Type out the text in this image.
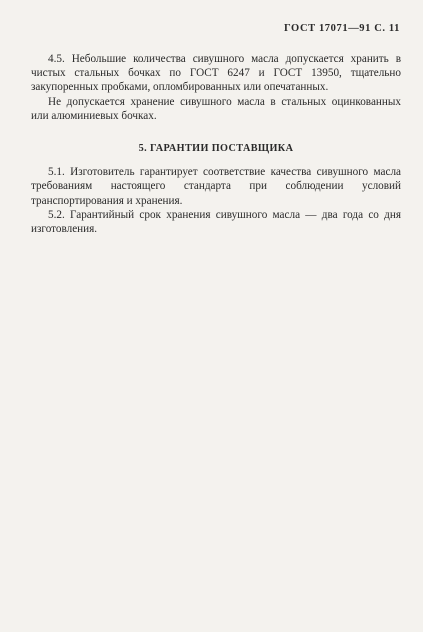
ГОСТ 17071—91 С. 11

4.5. Небольшие количества сивушного масла допускается хранить в чистых стальных бочках по ГОСТ 6247 и ГОСТ 13950, тщательно закупоренных пробками, опломбированных или опечатанных.

Не допускается хранение сивушного масла в стальных оцинкованных или алюминиевых бочках.

5. ГАРАНТИИ ПОСТАВЩИКА

5.1. Изготовитель гарантирует соответствие качества сивушного масла требованиям настоящего стандарта при соблюдении условий транспортирования и хранения.

5.2. Гарантийный срок хранения сивушного масла — два года со дня изготовления.
